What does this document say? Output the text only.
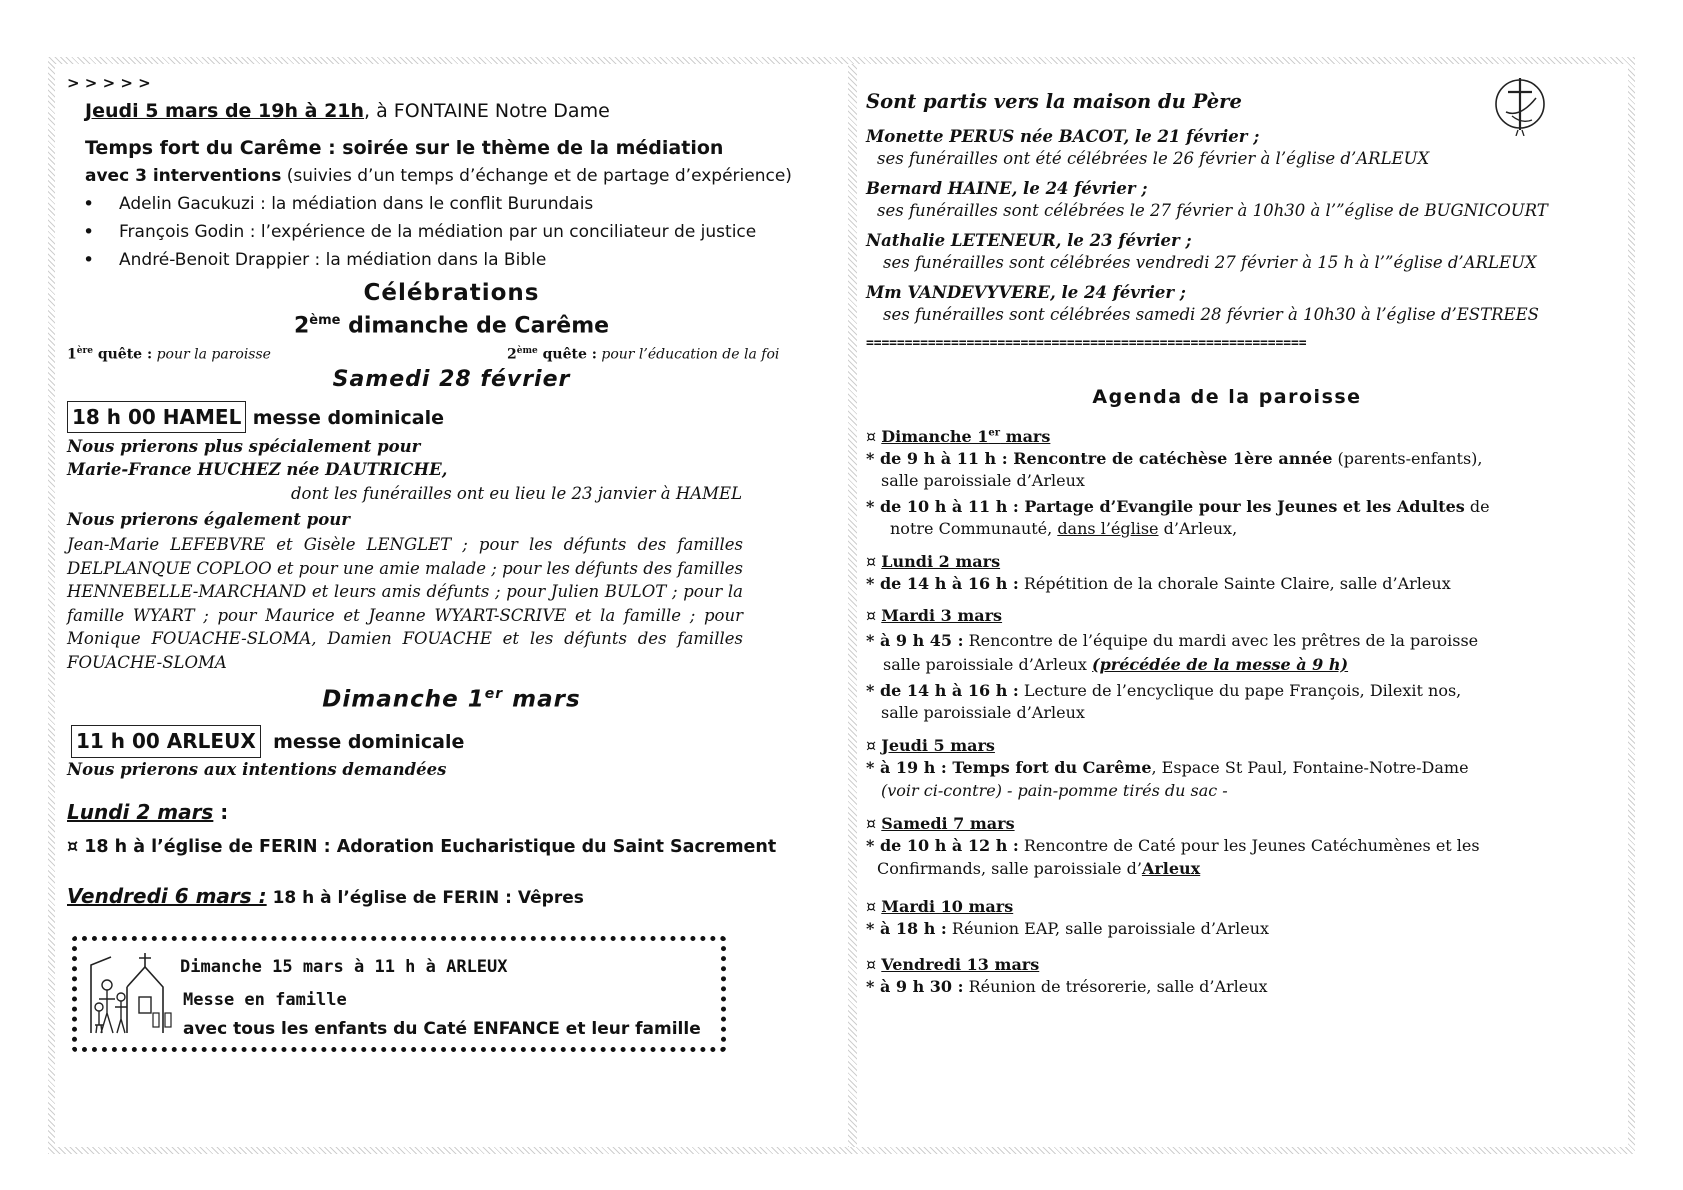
> > > > >
Jeudi 5 mars de 19h à 21h, à FONTAINE Notre Dame
Temps fort du Carême : soirée sur le thème de la médiation
avec 3 interventions (suivies d’un temps d’échange et de partage d’expérience)
• Adelin Gacukuzi : la médiation dans le conflit Burundais
• François Godin : l’expérience de la médiation par un conciliateur de justice
• André-Benoit Drappier : la médiation dans la Bible
Célébrations
2ème dimanche de Carême
1ère quête : pour la paroisse	2ème quête : pour l’éducation de la foi
Samedi 28 février
18 h 00 HAMEL messe dominicale
Nous prierons plus spécialement pour
Marie-France HUCHEZ née DAUTRICHE,
dont les funérailles ont eu lieu le 23 janvier à HAMEL
Nous prierons également pour
Jean-Marie LEFEBVRE et Gisèle LENGLET ; pour les défunts des familles DELPLANQUE COPLOO et pour une amie malade ; pour les défunts des familles HENNEBELLE-MARCHAND et leurs amis défunts ; pour Julien BULOT ; pour la famille WYART ; pour Maurice et Jeanne WYART-SCRIVE et la famille ; pour Monique FOUACHE-SLOMA, Damien FOUACHE et les défunts des familles FOUACHE-SLOMA
Dimanche 1er mars
11 h 00 ARLEUX messe dominicale
Nous prierons aux intentions demandées
Lundi 2 mars :
¤ 18 h à l’église de FERIN : Adoration Eucharistique du Saint Sacrement
Vendredi 6 mars : 18 h à l’église de FERIN : Vêpres
Dimanche 15 mars à 11 h à ARLEUX
Messe en famille
avec tous les enfants du Caté ENFANCE et leur famille
Sont partis vers la maison du Père
Monette PERUS née BACOT, le 21 février ;
ses funérailles ont été célébrées le 26 février à l’église d’ARLEUX
Bernard HAINE, le 24 février ;
ses funérailles sont célébrées le 27 février à 10h30 à l’”église de BUGNICOURT
Nathalie LETENEUR, le 23 février ;
ses funérailles sont célébrées vendredi 27 février à 15 h à l’”église d’ARLEUX
Mm VANDEVYVERE, le 24 février ;
ses funérailles sont célébrées samedi 28 février à 10h30 à l’église d’ESTREES
=========================================================
Agenda de la paroisse
¤ Dimanche 1er mars
* de 9 h à 11 h : Rencontre de catéchèse 1ère année (parents-enfants),
salle paroissiale d’Arleux
* de 10 h à 11 h : Partage d’Evangile pour les Jeunes et les Adultes de
notre Communauté, dans l’église d’Arleux,
¤ Lundi 2 mars
* de 14 h à 16 h : Répétition de la chorale Sainte Claire, salle d’Arleux
¤ Mardi 3 mars
* à 9 h 45 : Rencontre de l’équipe du mardi avec les prêtres de la paroisse
salle paroissiale d’Arleux (précédée de la messe à 9 h)
* de 14 h à 16 h : Lecture de l’encyclique du pape François, Dilexit nos,
salle paroissiale d’Arleux
¤ Jeudi 5 mars
* à 19 h : Temps fort du Carême, Espace St Paul, Fontaine-Notre-Dame
(voir ci-contre) - pain-pomme tirés du sac -
¤ Samedi 7 mars
* de 10 h à 12 h : Rencontre de Caté pour les Jeunes Catéchumènes et les
Confirmands, salle paroissiale d’Arleux
¤ Mardi 10 mars
* à 18 h : Réunion EAP, salle paroissiale d’Arleux
¤ Vendredi 13 mars
* à 9 h 30 : Réunion de trésorerie, salle d’Arleux
